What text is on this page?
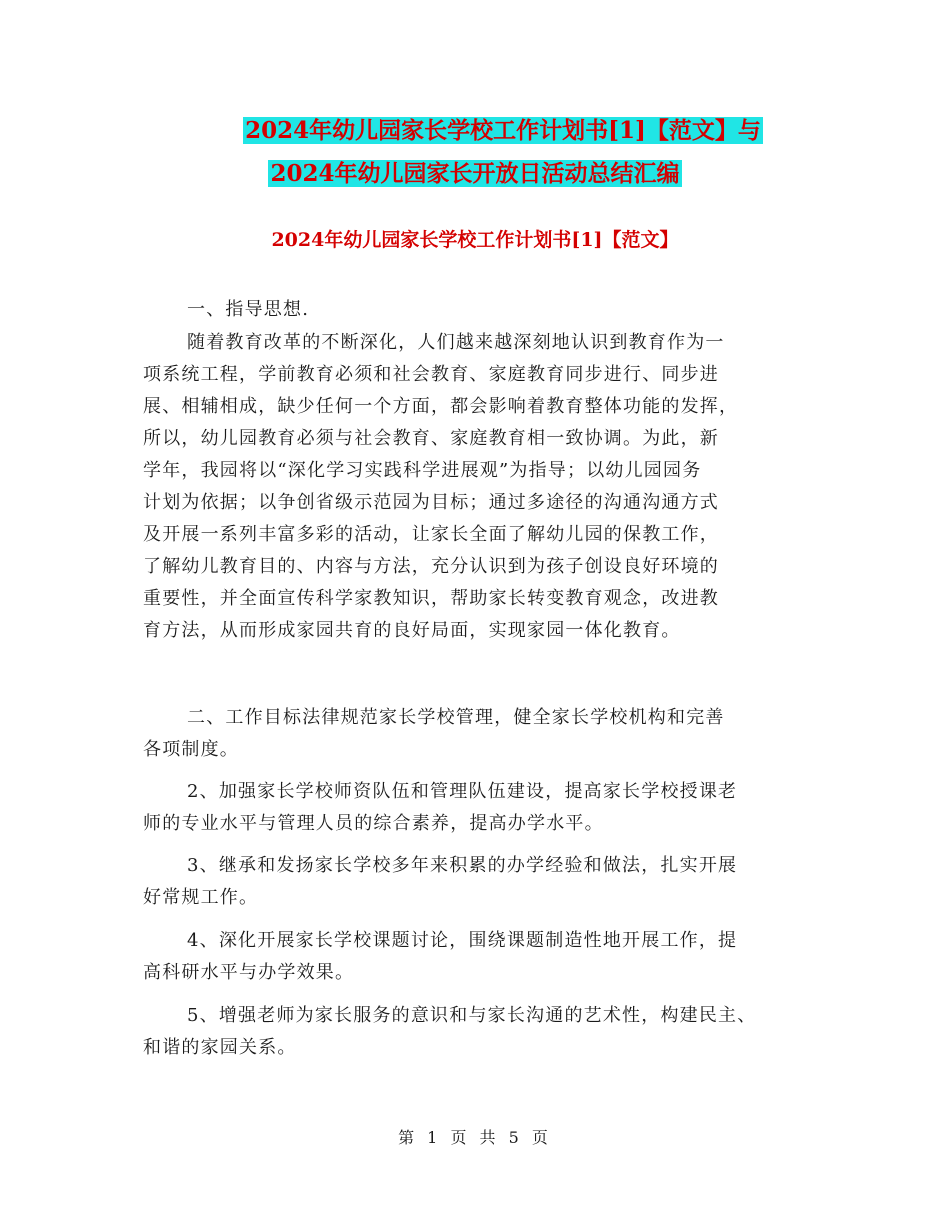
2024年幼儿园家长学校工作计划书[1]【范文】与
2024年幼儿园家长开放日活动总结汇编
2024年幼儿园家长学校工作计划书[1]【范文】
一、指导思想.
随着教育改革的不断深化，人们越来越深刻地认识到教育作为一
项系统工程，学前教育必须和社会教育、家庭教育同步进行、同步进
展、相辅相成，缺少任何一个方面，都会影响着教育整体功能的发挥，
所以，幼儿园教育必须与社会教育、家庭教育相一致协调。为此，新
学年，我园将以“深化学习实践科学进展观”为指导；以幼儿园园务
计划为依据；以争创省级示范园为目标；通过多途径的沟通沟通方式
及开展一系列丰富多彩的活动，让家长全面了解幼儿园的保教工作，
了解幼儿教育目的、内容与方法，充分认识到为孩子创设良好环境的
重要性，并全面宣传科学家教知识，帮助家长转变教育观念，改进教
育方法，从而形成家园共育的良好局面，实现家园一体化教育。
二、工作目标法律规范家长学校管理，健全家长学校机构和完善
各项制度。
2、加强家长学校师资队伍和管理队伍建设，提高家长学校授课老
师的专业水平与管理人员的综合素养，提高办学水平。
3、继承和发扬家长学校多年来积累的办学经验和做法，扎实开展
好常规工作。
4、深化开展家长学校课题讨论，围绕课题制造性地开展工作，提
高科研水平与办学效果。
5、增强老师为家长服务的意识和与家长沟通的艺术性，构建民主、
和谐的家园关系。
第 1 页 共 5 页
